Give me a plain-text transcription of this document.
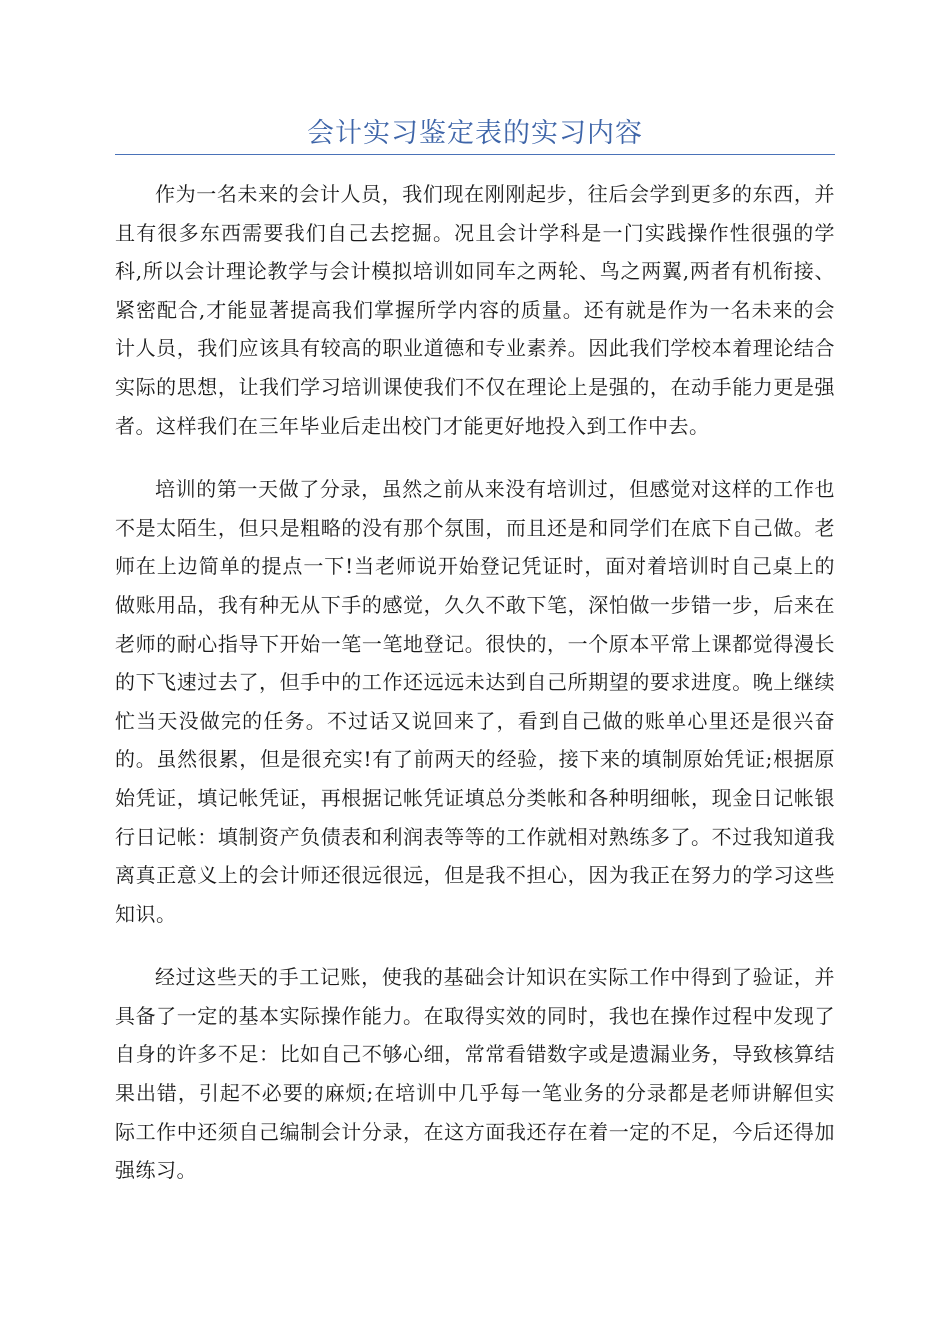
会计实习鉴定表的实习内容

作为一名未来的会计人员，我们现在刚刚起步，往后会学到更多的东西，并且有很多东西需要我们自己去挖掘。况且会计学科是一门实践操作性很强的学科,所以会计理论教学与会计模拟培训如同车之两轮、鸟之两翼,两者有机衔接、紧密配合,才能显著提高我们掌握所学内容的质量。还有就是作为一名未来的会计人员，我们应该具有较高的职业道德和专业素养。因此我们学校本着理论结合实际的思想，让我们学习培训课使我们不仅在理论上是强的，在动手能力更是强者。这样我们在三年毕业后走出校门才能更好地投入到工作中去。

培训的第一天做了分录，虽然之前从来没有培训过，但感觉对这样的工作也不是太陌生，但只是粗略的没有那个氛围，而且还是和同学们在底下自己做。老师在上边简单的提点一下!当老师说开始登记凭证时，面对着培训时自己桌上的做账用品，我有种无从下手的感觉，久久不敢下笔，深怕做一步错一步，后来在老师的耐心指导下开始一笔一笔地登记。很快的，一个原本平常上课都觉得漫长的下飞速过去了，但手中的工作还远远未达到自己所期望的要求进度。晚上继续忙当天没做完的任务。不过话又说回来了，看到自己做的账单心里还是很兴奋的。虽然很累，但是很充实!有了前两天的经验，接下来的填制原始凭证;根据原始凭证，填记帐凭证，再根据记帐凭证填总分类帐和各种明细帐，现金日记帐银行日记帐：填制资产负债表和利润表等等的工作就相对熟练多了。不过我知道我离真正意义上的会计师还很远很远，但是我不担心，因为我正在努力的学习这些知识。

经过这些天的手工记账，使我的基础会计知识在实际工作中得到了验证，并具备了一定的基本实际操作能力。在取得实效的同时，我也在操作过程中发现了自身的许多不足：比如自己不够心细，常常看错数字或是遗漏业务，导致核算结果出错，引起不必要的麻烦;在培训中几乎每一笔业务的分录都是老师讲解但实际工作中还须自己编制会计分录，在这方面我还存在着一定的不足，今后还得加强练习。
